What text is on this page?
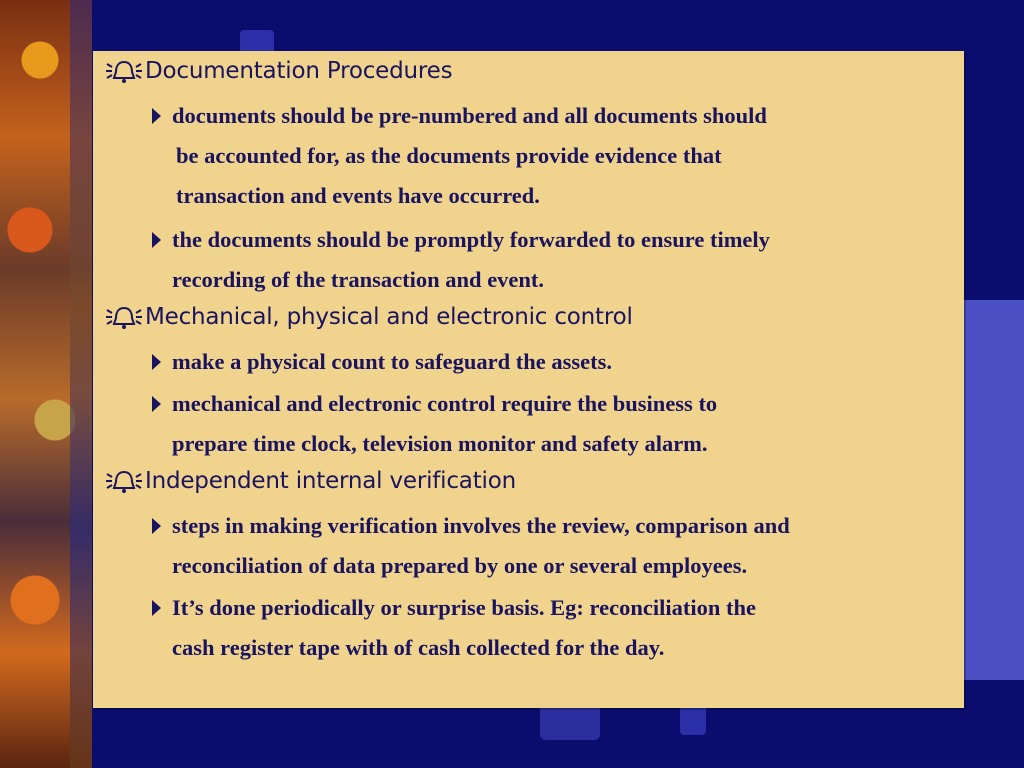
Documentation Procedures
documents should be pre-numbered and all documents should
be accounted for, as the documents provide evidence that
transaction and events have occurred.
the documents should be promptly forwarded to ensure timely
recording of the transaction and event.
Mechanical, physical and electronic control
make a physical count to safeguard the assets.
mechanical and electronic control require the business to
prepare time clock, television monitor and safety alarm.
Independent internal verification
steps in making verification involves the review, comparison and
reconciliation of data prepared by one or several employees.
It’s done periodically or surprise basis. Eg: reconciliation the
cash register tape with of cash collected for the day.
